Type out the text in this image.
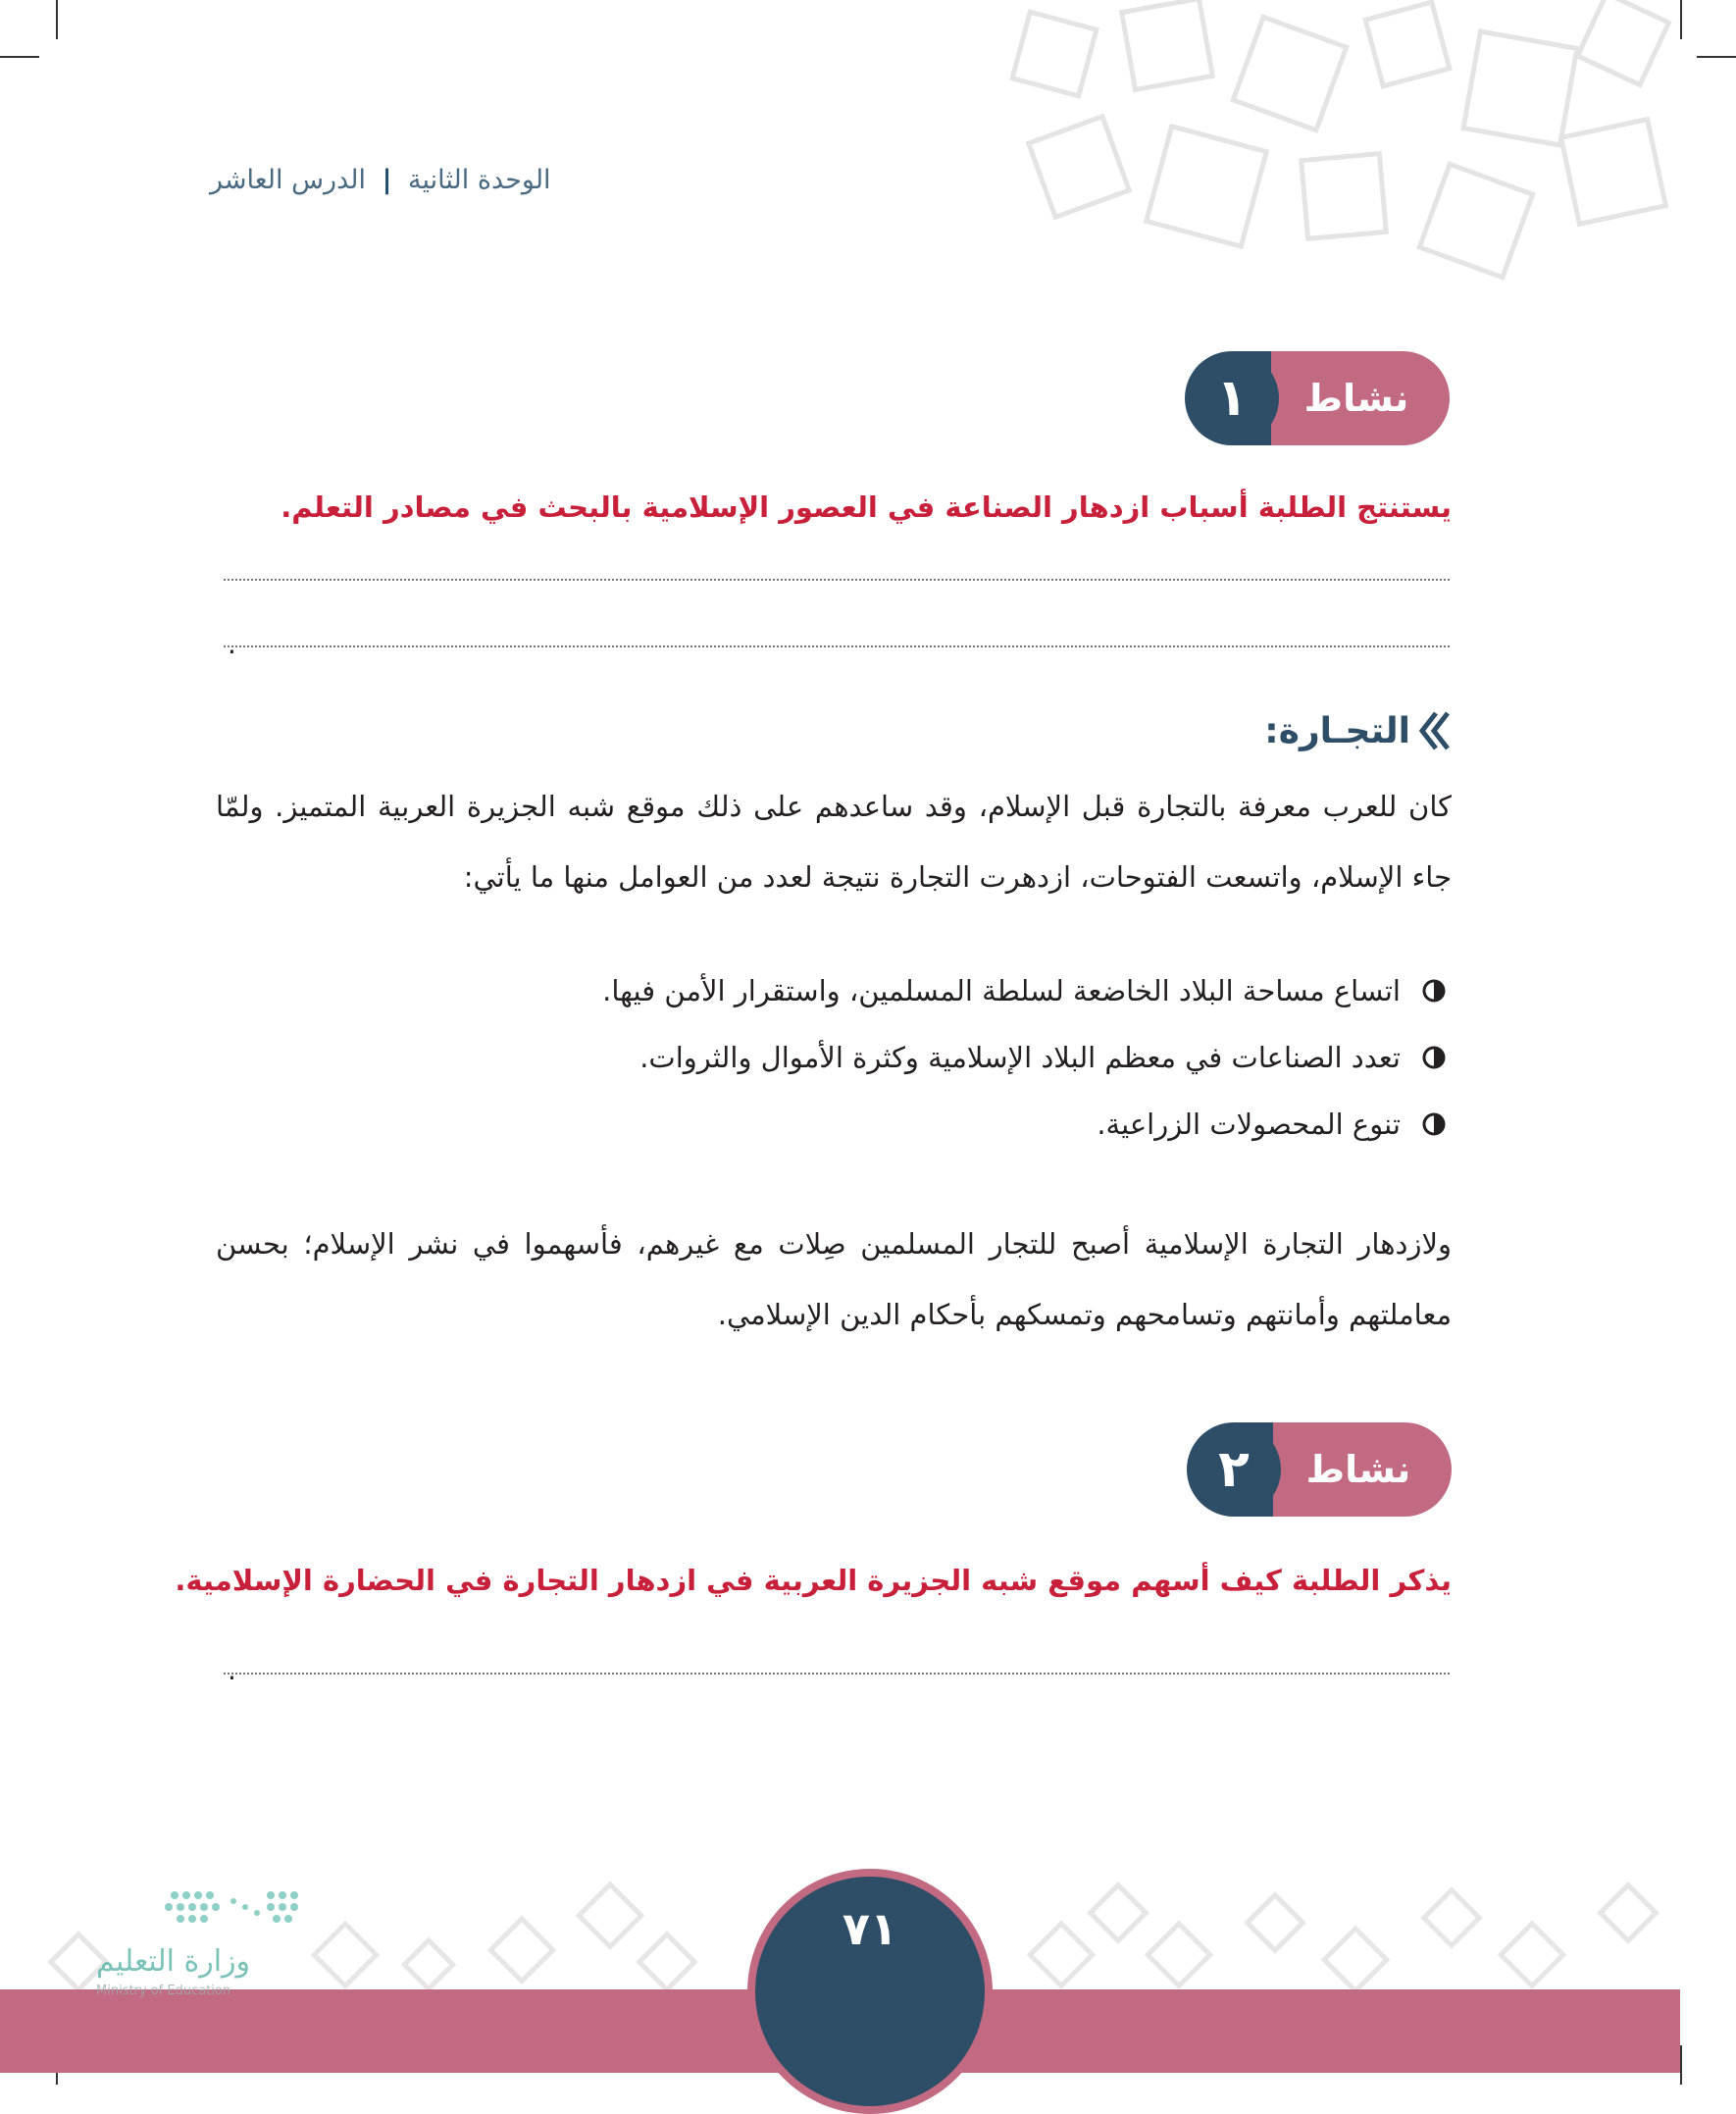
الوحدة الثانية | الدرس العاشر
١	نشاط
يستنتج الطلبة أسباب ازدهار الصناعة في العصور الإسلامية بالبحث في مصادر التعلم.
.
التجـارة:
كان للعرب معرفة بالتجارة قبل الإسلام، وقد ساعدهم على ذلك موقع شبه الجزيرة العربية المتميز. ولمّا جاء الإسلام، واتسعت الفتوحات، ازدهرت التجارة نتيجة لعدد من العوامل منها ما يأتي:
اتساع مساحة البلاد الخاضعة لسلطة المسلمين، واستقرار الأمن فيها.
تعدد الصناعات في معظم البلاد الإسلامية وكثرة الأموال والثروات.
تنوع المحصولات الزراعية.
ولازدهار التجارة الإسلامية أصبح للتجار المسلمين صِلات مع غيرهم، فأسهموا في نشر الإسلام؛ بحسن معاملتهم وأمانتهم وتسامحهم وتمسكهم بأحكام الدين الإسلامي.
٢	نشاط
يذكر الطلبة كيف أسهم موقع شبه الجزيرة العربية في ازدهار التجارة في الحضارة الإسلامية.
.
٧١
وزارة التعليم
Ministry of Education
